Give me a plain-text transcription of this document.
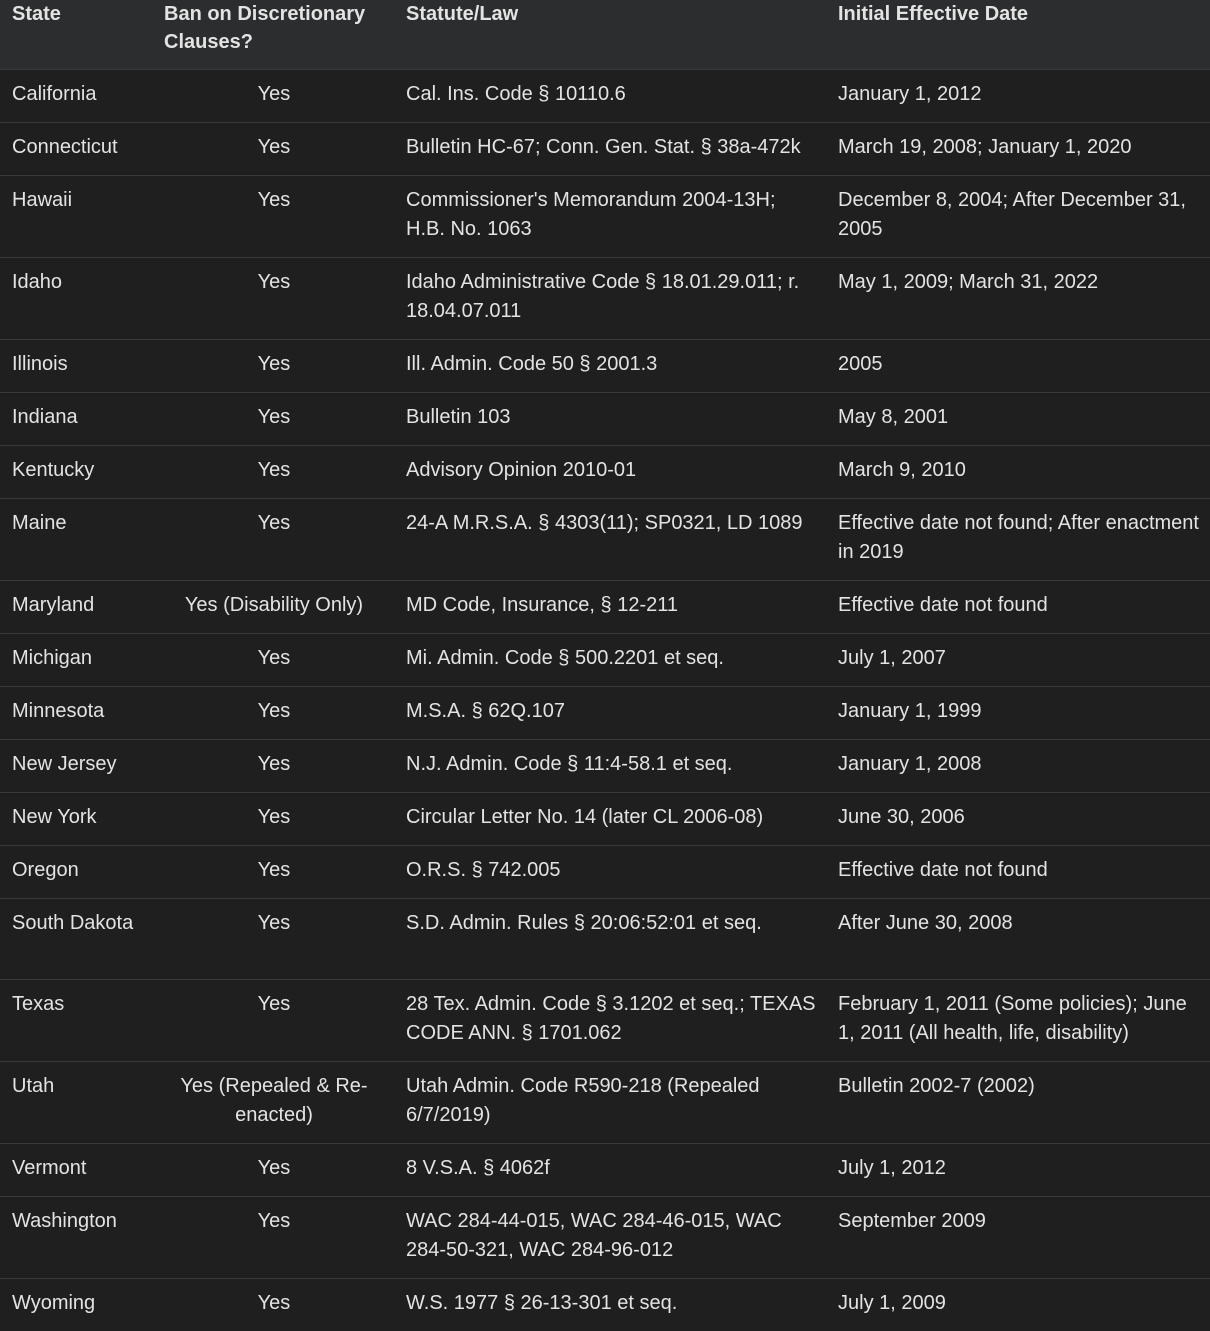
State	Ban on Discretionary Clauses?	Statute/Law	Initial Effective Date
California	Yes	Cal. Ins. Code § 10110.6	January 1, 2012
Connecticut	Yes	Bulletin HC-67; Conn. Gen. Stat. § 38a-472k	March 19, 2008; January 1, 2020
Hawaii	Yes	Commissioner's Memorandum 2004-13H; H.B. No. 1063	December 8, 2004; After December 31, 2005
Idaho	Yes	Idaho Administrative Code § 18.01.29.011; r. 18.04.07.011	May 1, 2009; March 31, 2022
Illinois	Yes	Ill. Admin. Code 50 § 2001.3	2005
Indiana	Yes	Bulletin 103	May 8, 2001
Kentucky	Yes	Advisory Opinion 2010-01	March 9, 2010
Maine	Yes	24-A M.R.S.A. § 4303(11); SP0321, LD 1089	Effective date not found; After enactment in 2019
Maryland	Yes (Disability Only)	MD Code, Insurance, § 12-211	Effective date not found
Michigan	Yes	Mi. Admin. Code § 500.2201 et seq.	July 1, 2007
Minnesota	Yes	M.S.A. § 62Q.107	January 1, 1999
New Jersey	Yes	N.J. Admin. Code § 11:4-58.1 et seq.	January 1, 2008
New York	Yes	Circular Letter No. 14 (later CL 2006-08)	June 30, 2006
Oregon	Yes	O.R.S. § 742.005	Effective date not found
South Dakota	Yes	S.D. Admin. Rules § 20:06:52:01 et seq.	After June 30, 2008
Texas	Yes	28 Tex. Admin. Code § 3.1202 et seq.; TEXAS CODE ANN. § 1701.062	February 1, 2011 (Some policies); June 1, 2011 (All health, life, disability)
Utah	Yes (Repealed & Re-enacted)	Utah Admin. Code R590-218 (Repealed 6/7/2019)	Bulletin 2002-7 (2002)
Vermont	Yes	8 V.S.A. § 4062f	July 1, 2012
Washington	Yes	WAC 284-44-015, WAC 284-46-015, WAC 284-50-321, WAC 284-96-012	September 2009
Wyoming	Yes	W.S. 1977 § 26-13-301 et seq.	July 1, 2009
